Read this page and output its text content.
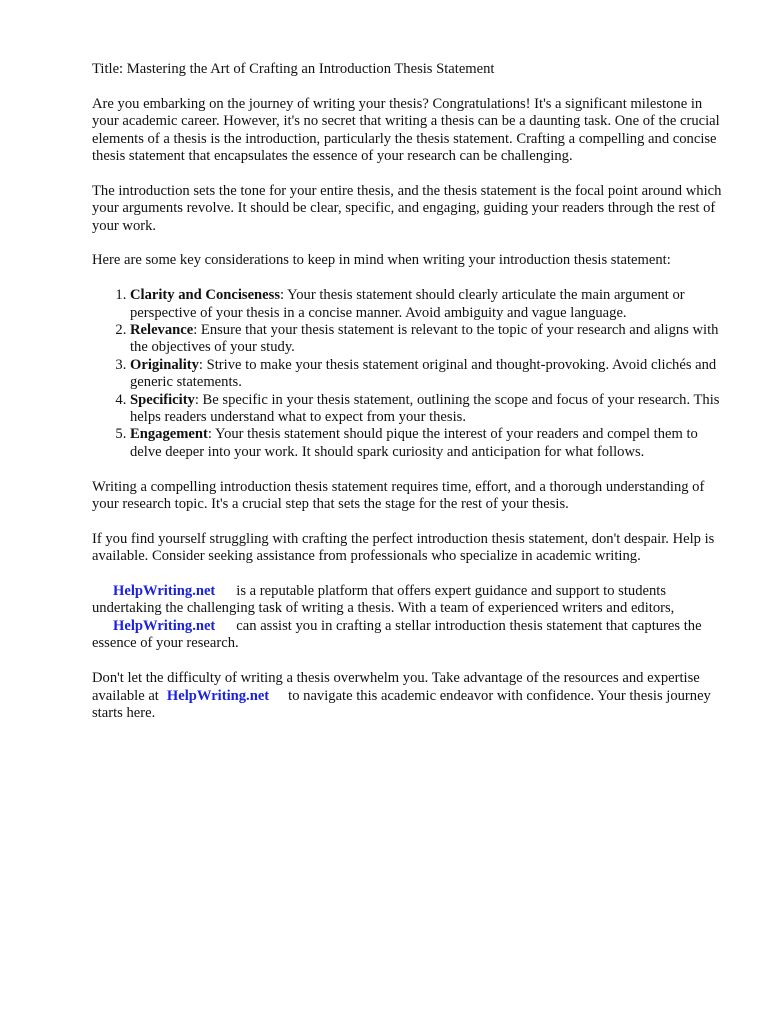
Title: Mastering the Art of Crafting an Introduction Thesis Statement

Are you embarking on the journey of writing your thesis? Congratulations! It's a significant milestone in your academic career. However, it's no secret that writing a thesis can be a daunting task. One of the crucial elements of a thesis is the introduction, particularly the thesis statement. Crafting a compelling and concise thesis statement that encapsulates the essence of your research can be challenging.

The introduction sets the tone for your entire thesis, and the thesis statement is the focal point around which your arguments revolve. It should be clear, specific, and engaging, guiding your readers through the rest of your work.

Here are some key considerations to keep in mind when writing your introduction thesis statement:

1. Clarity and Conciseness: Your thesis statement should clearly articulate the main argument or perspective of your thesis in a concise manner. Avoid ambiguity and vague language.
2. Relevance: Ensure that your thesis statement is relevant to the topic of your research and aligns with the objectives of your study.
3. Originality: Strive to make your thesis statement original and thought-provoking. Avoid clichés and generic statements.
4. Specificity: Be specific in your thesis statement, outlining the scope and focus of your research. This helps readers understand what to expect from your thesis.
5. Engagement: Your thesis statement should pique the interest of your readers and compel them to delve deeper into your work. It should spark curiosity and anticipation for what follows.

Writing a compelling introduction thesis statement requires time, effort, and a thorough understanding of your research topic. It's a crucial step that sets the stage for the rest of your thesis.

If you find yourself struggling with crafting the perfect introduction thesis statement, don't despair. Help is available. Consider seeking assistance from professionals who specialize in academic writing.

HelpWriting.net is a reputable platform that offers expert guidance and support to students undertaking the challenging task of writing a thesis. With a team of experienced writers and editors,
HelpWriting.net can assist you in crafting a stellar introduction thesis statement that captures the essence of your research.

Don't let the difficulty of writing a thesis overwhelm you. Take advantage of the resources and expertise available at HelpWriting.net to navigate this academic endeavor with confidence. Your thesis journey starts here.
